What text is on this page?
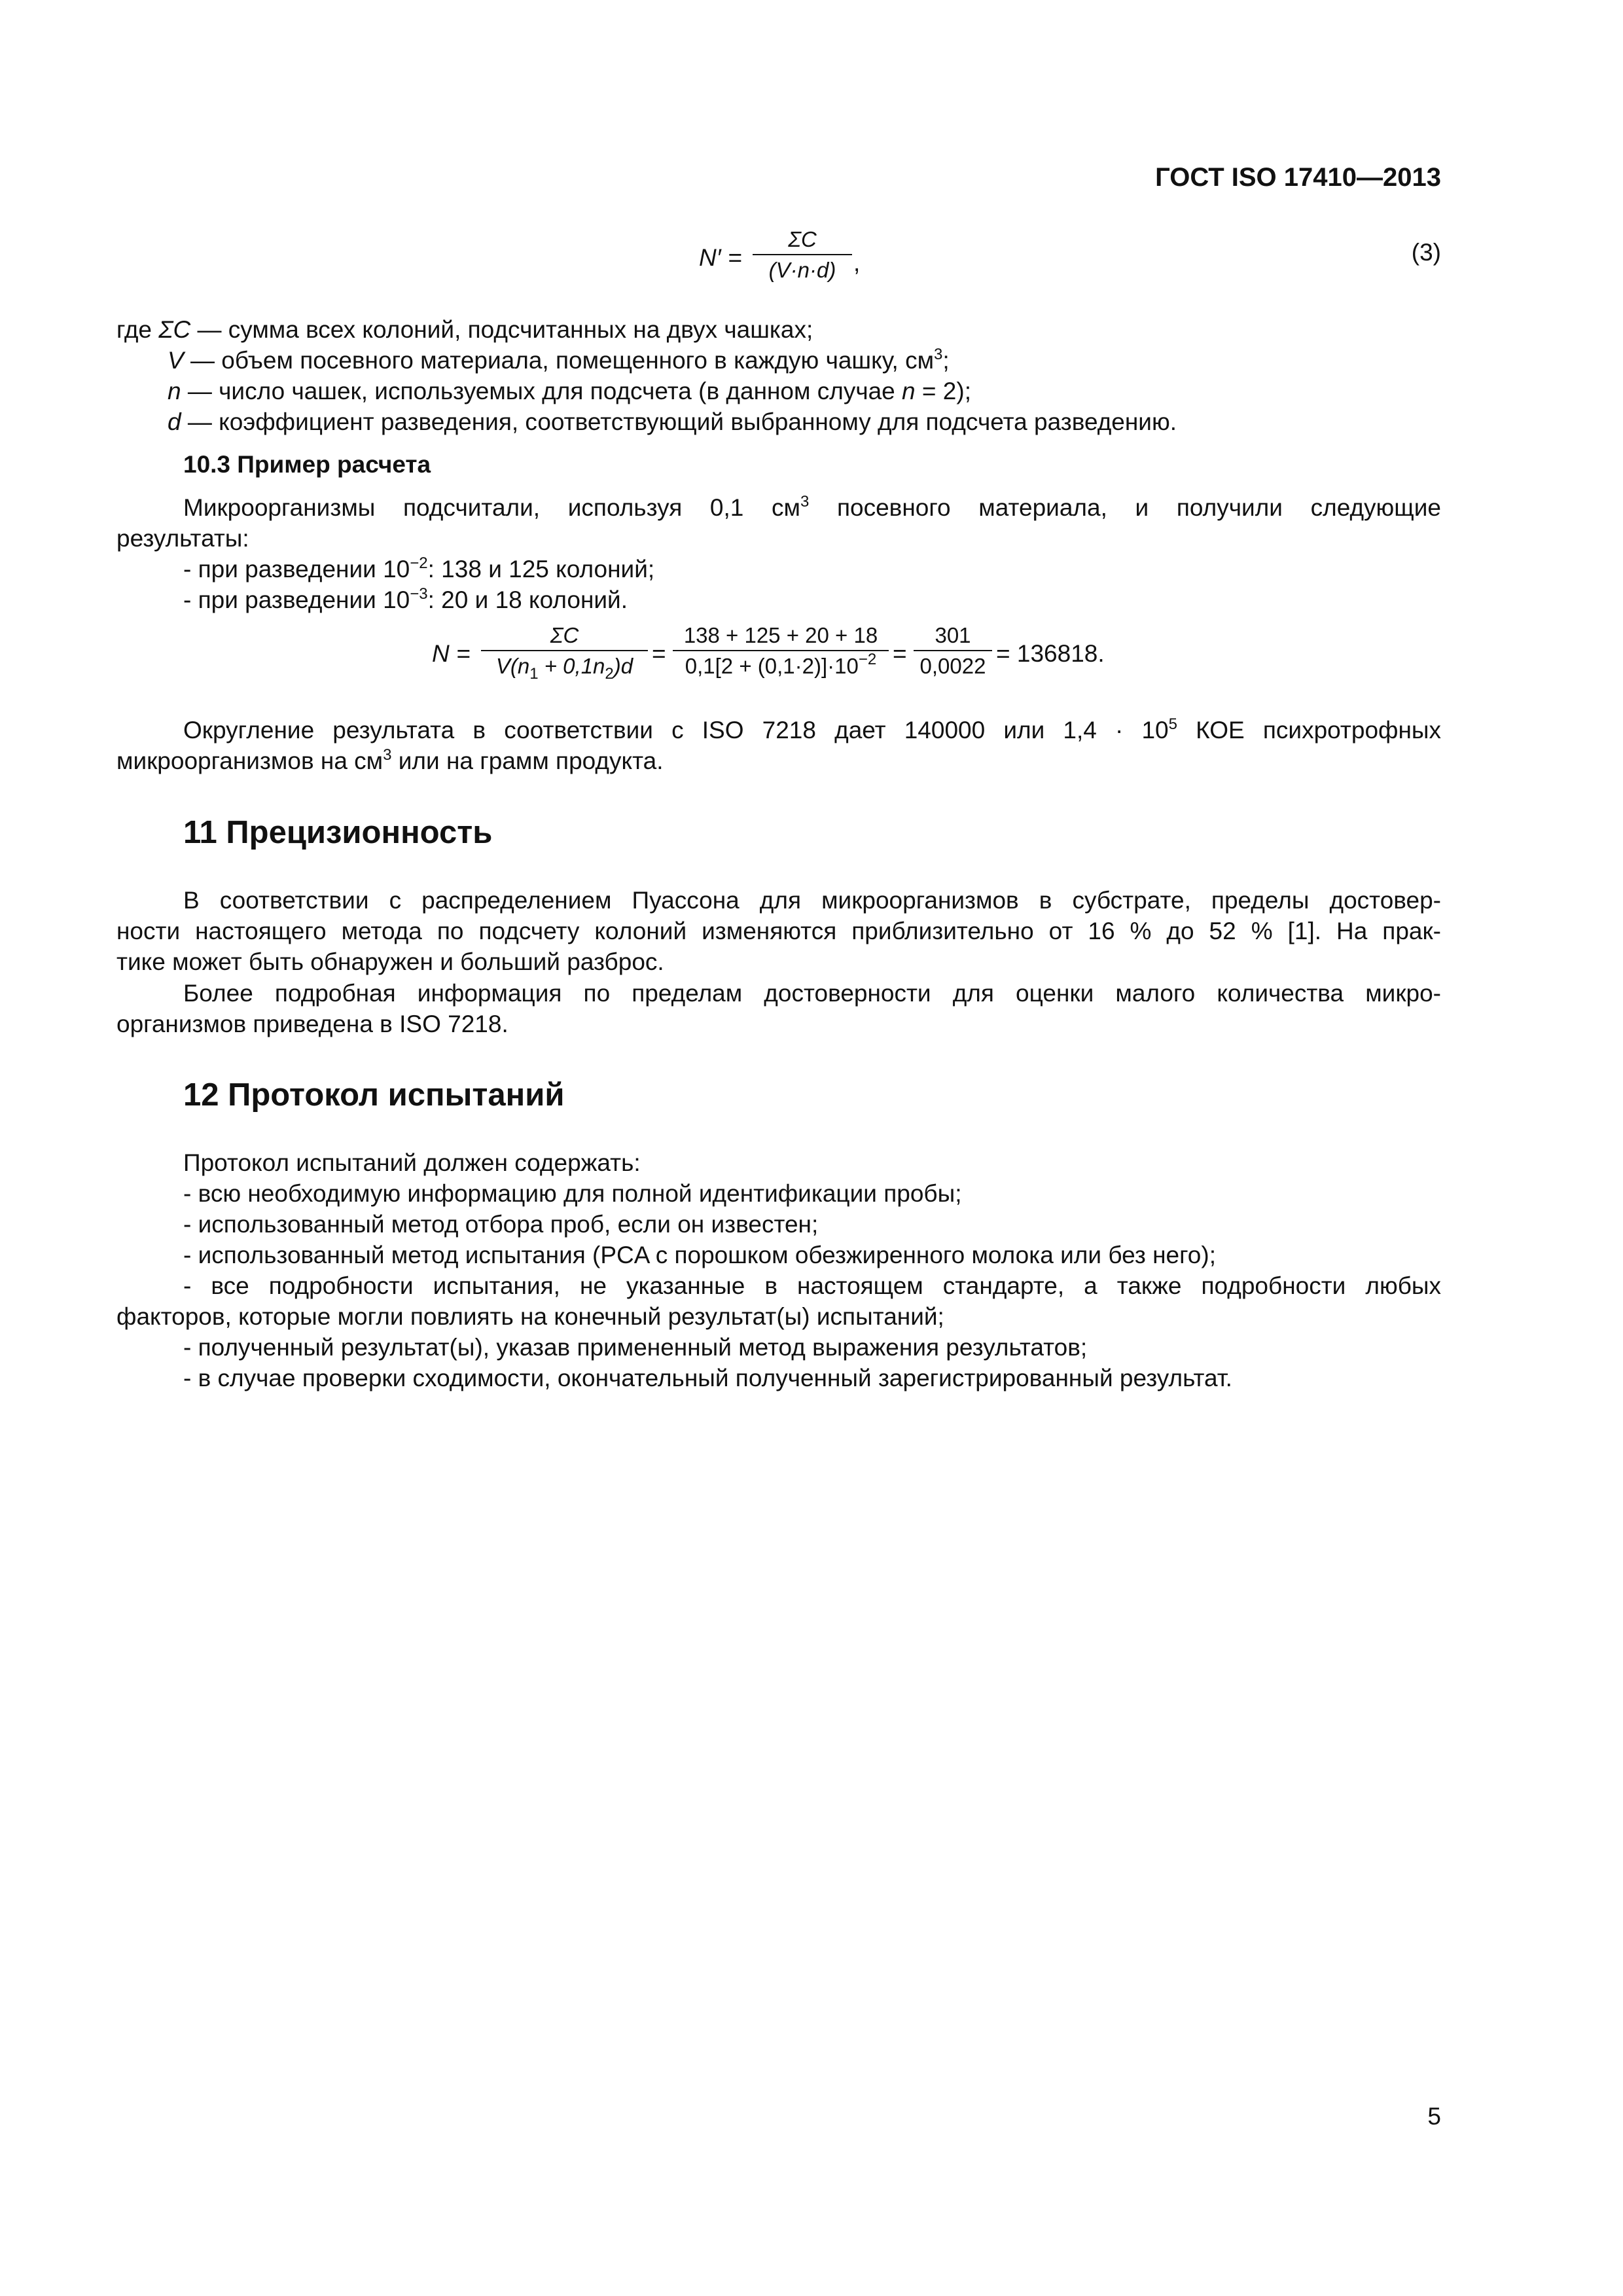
ГОСТ ISO 17410—2013
N′ =
ΣC
(V·n·d) ,	(3)
где ΣC — сумма всех колоний, подсчитанных на двух чашках;
V — объем посевного материала, помещенного в каждую чашку, $см^3$;
n — число чашек, используемых для подсчета (в данном случае n = 2);
d — коэффициент разведения, соответствующий выбранному для подсчета разведению.
10.3 Пример расчета
Микроорганизмы подсчитали, используя 0,1 $см^3$ посевного материала, и получили следующие
результаты:
- при разведении $10^{-2}$: 138 и 125 колоний;
- при разведении $10^{-3}$: 20 и 18 колоний.
N =
ΣC
$V(n_1 + 0,1n_2)d$ =
138 + 125 + 20 + 18
$0,1[2 + (0,1\cdot 2)]\cdot 10^{-2}$ =
301
0,0022 = 136818.
Округление результата в соответствии с ISO 7218 дает 140000 или $1,4 \cdot 10^5$ КОЕ психротрофных
микроорганизмов на $см^3$ или на грамм продукта.
11 Прецизионность
В соответствии с распределением Пуассона для микроорганизмов в субстрате, пределы достовер-
ности настоящего метода по подсчету колоний изменяются приблизительно от 16 % до 52 % [1]. На прак-
тике может быть обнаружен и больший разброс.
Более подробная информация по пределам достоверности для оценки малого количества микро-
организмов приведена в ISO 7218.
12 Протокол испытаний
Протокол испытаний должен содержать:
- всю необходимую информацию для полной идентификации пробы;
- использованный метод отбора проб, если он известен;
- использованный метод испытания (PCA с порошком обезжиренного молока или без него);
- все подробности испытания, не указанные в настоящем стандарте, а также подробности любых
факторов, которые могли повлиять на конечный результат(ы) испытаний;
- полученный результат(ы), указав примененный метод выражения результатов;
- в случае проверки сходимости, окончательный полученный зарегистрированный результат.
5
